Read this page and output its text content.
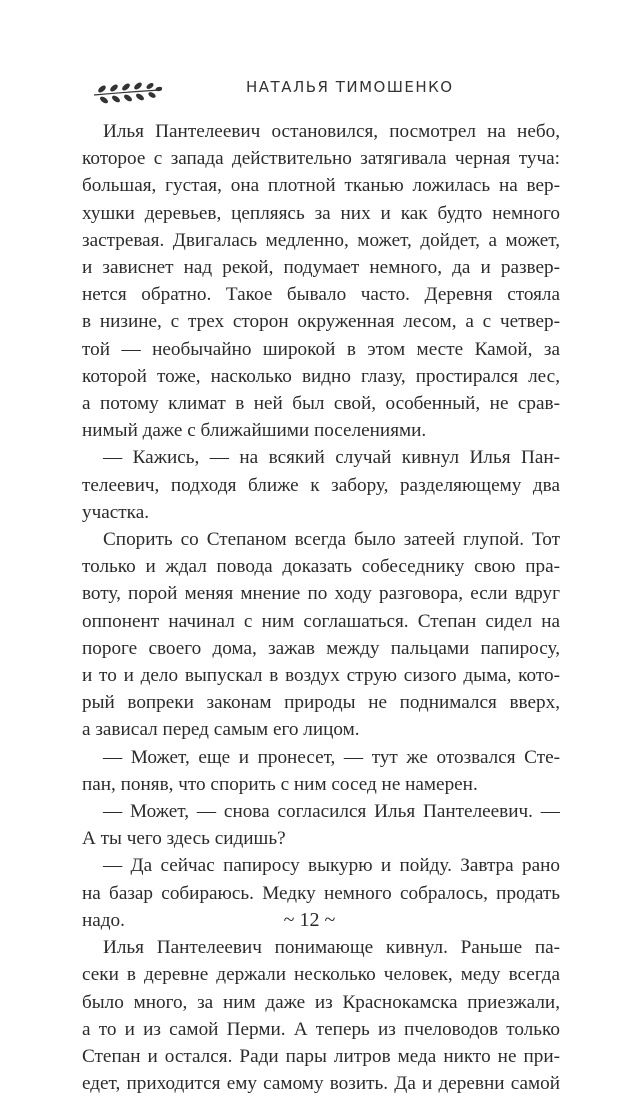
НАТАЛЬЯ ТИМОШЕНКО

Илья Пантелеевич остановился, посмотрел на небо,
которое с запада действительно затягивала черная туча:
большая, густая, она плотной тканью ложилась на вер-
хушки деревьев, цепляясь за них и как будто немного
застревая. Двигалась медленно, может, дойдет, а может,
и зависнет над рекой, подумает немного, да и развер-
нется обратно. Такое бывало часто. Деревня стояла
в низине, с трех сторон окруженная лесом, а с четвер-
той — необычайно широкой в этом месте Камой, за
которой тоже, насколько видно глазу, простирался лес,
а потому климат в ней был свой, особенный, не срав-
нимый даже с ближайшими поселениями.

— Кажись, — на всякий случай кивнул Илья Пан-
телеевич, подходя ближе к забору, разделяющему два
участка.

Спорить со Степаном всегда было затеей глупой. Тот
только и ждал повода доказать собеседнику свою пра-
воту, порой меняя мнение по ходу разговора, если вдруг
оппонент начинал с ним соглашаться. Степан сидел на
пороге своего дома, зажав между пальцами папиросу,
и то и дело выпускал в воздух струю сизого дыма, кото-
рый вопреки законам природы не поднимался вверх,
а зависал перед самым его лицом.

— Может, еще и пронесет, — тут же отозвался Сте-
пан, поняв, что спорить с ним сосед не намерен.

— Может, — снова согласился Илья Пантелеевич. —
А ты чего здесь сидишь?

— Да сейчас папиросу выкурю и пойду. Завтра рано
на базар собираюсь. Медку немного собралось, продать
надо.

Илья Пантелеевич понимающе кивнул. Раньше па-
секи в деревне держали несколько человек, меду всегда
было много, за ним даже из Краснокамска приезжали,
а то и из самой Перми. А теперь из пчеловодов только
Степан и остался. Ради пары литров меда никто не при-
едет, приходится ему самому возить. Да и деревни самой

~ 12 ~
